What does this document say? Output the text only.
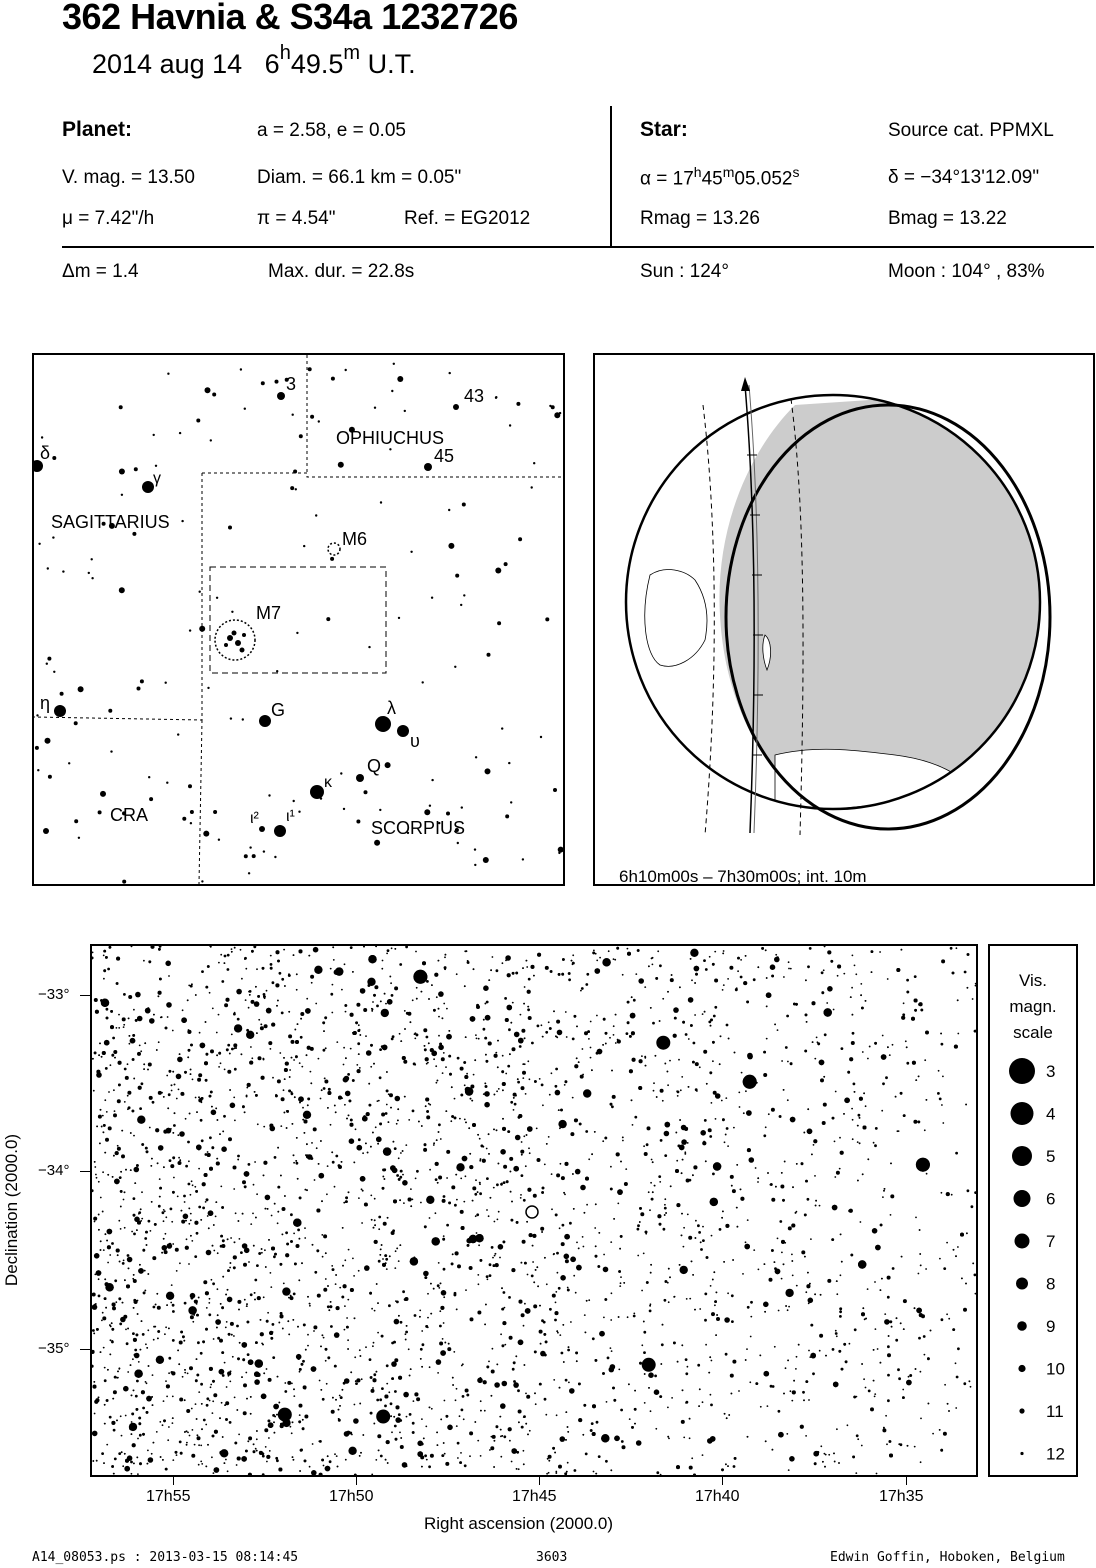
362 Havnia & S34a 1232726
2014 aug 14 6$^h$49.5$^m$ U.T.
Planet:	a = 2.58, e = 0.05
V. mag. = 13.50	Diam. = 66.1 km = 0.05"
μ = 7.42"/h	π = 4.54"	Ref. = EG2012
Star:	Source cat. PPMXL
$\alpha = 17^h45^m05.052^s$	δ = −34°13'12.09"
Rmag = 13.26	Bmag = 13.22
Δm = 1.4	Max. dur. = 22.8s	Sun : 124°	Moon : 104° , 83%
OPHIUCHUS
SAGITTARIUS
SCORPIUS
CRA
M6
M7
G
Q
3
43
45
δ
γ
η	λ
υ
κ
ι² ι¹
6h10m00s – 7h30m00s; int. 10m
−33°
−34°
−35°
Declination (2000.0)
17h55	17h50	17h45	17h40	17h35
Right ascension (2000.0)
Vis.
magn.
scale
3
4
5
6
7
8
9
10
11
12
A14_08053.ps : 2013-03-15 08:14:45	3603	Edwin Goffin, Hoboken, Belgium
